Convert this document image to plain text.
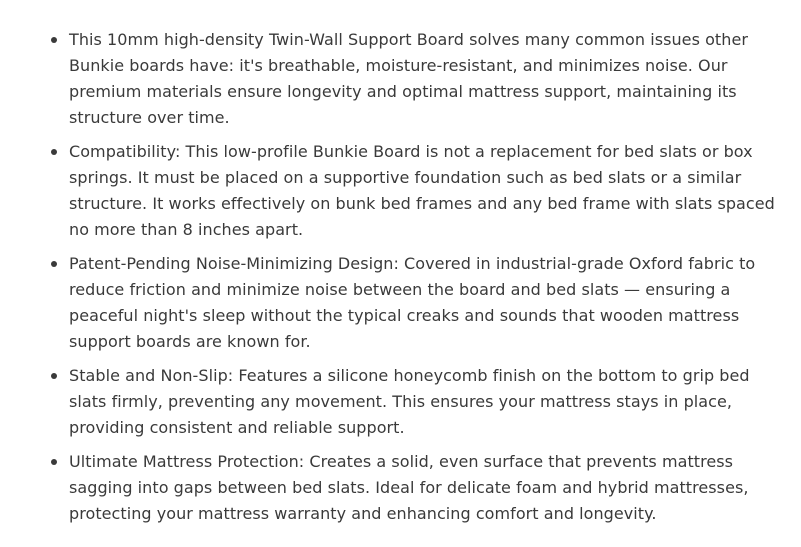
This 10mm high-density Twin-Wall Support Board solves many common issues other Bunkie boards have: it's breathable, moisture-resistant, and minimizes noise. Our premium materials ensure longevity and optimal mattress support, maintaining its structure over time.
Compatibility: This low-profile Bunkie Board is not a replacement for bed slats or box springs. It must be placed on a supportive foundation such as bed slats or a similar structure. It works effectively on bunk bed frames and any bed frame with slats spaced no more than 8 inches apart.
Patent-Pending Noise-Minimizing Design: Covered in industrial-grade Oxford fabric to reduce friction and minimize noise between the board and bed slats — ensuring a peaceful night's sleep without the typical creaks and sounds that wooden mattress support boards are known for.
Stable and Non-Slip: Features a silicone honeycomb finish on the bottom to grip bed slats firmly, preventing any movement. This ensures your mattress stays in place, providing consistent and reliable support.
Ultimate Mattress Protection: Creates a solid, even surface that prevents mattress sagging into gaps between bed slats. Ideal for delicate foam and hybrid mattresses, protecting your mattress warranty and enhancing comfort and longevity.
